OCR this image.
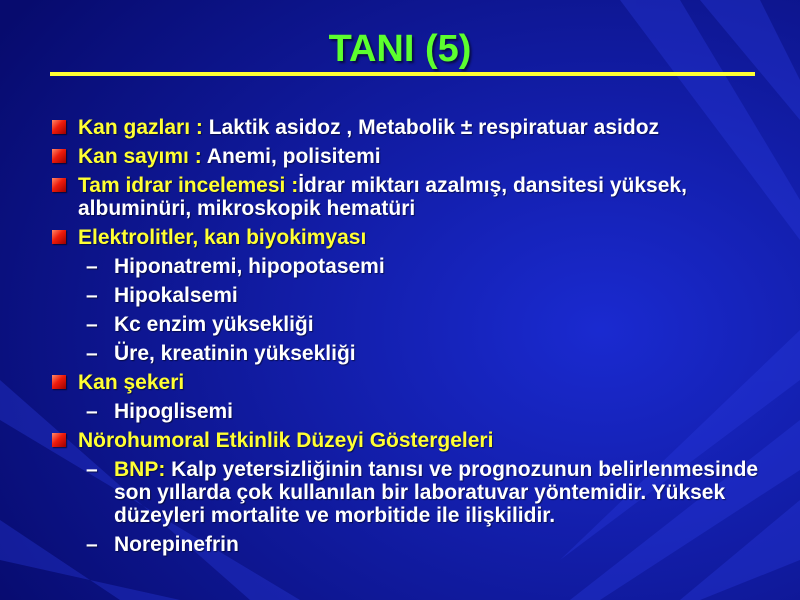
TANI (5)
Kan gazları : Laktik asidoz , Metabolik ± respiratuar asidoz
Kan sayımı : Anemi, polisitemi
Tam idrar incelemesi :İdrar miktarı azalmış, dansitesi yüksek, albuminüri, mikroskopik hematüri
Elektrolitler, kan biyokimyası
– Hiponatremi, hipopotasemi
– Hipokalsemi
– Kc enzim yüksekliği
– Üre, kreatinin yüksekliği
Kan şekeri
– Hipoglisemi
Nörohumoral Etkinlik Düzeyi Göstergeleri
– BNP: Kalp yetersizliğinin tanısı ve prognozunun belirlenmesinde son yıllarda çok kullanılan bir laboratuvar yöntemidir. Yüksek düzeyleri mortalite ve morbitide ile ilişkilidir.
– Norepinefrin
